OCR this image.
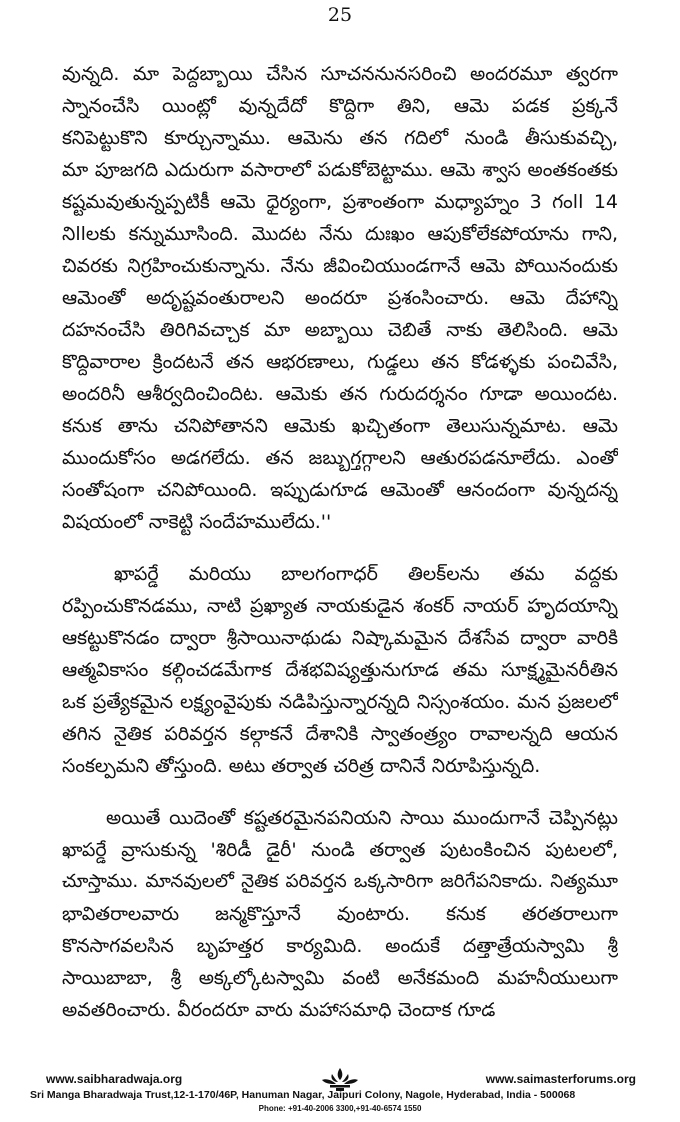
25

వున్నది. మా పెద్దబ్బాయి చేసిన సూచననునసరించి అందరమూ త్వరగా
స్నానంచేసి యింట్లో వున్నదేదో కొద్దిగా తిని, ఆమె పడక ప్రక్కనే
కనిపెట్టుకొని కూర్చున్నాము. ఆమెను తన గదిలో నుండి తీసుకువచ్చి,
మా పూజగది ఎదురుగా వసారాలో పడుకోబెట్టాము. ఆమె శ్వాస అంతకంతకు
కష్టమవుతున్నప్పటికీ ఆమె ధైర్యంగా, ప్రశాంతంగా మధ్యాహ్నం 3 గంll 14
నిllలకు కన్నుమూసింది. మొదట నేను దుఃఖం ఆపుకోలేకపోయాను గాని,
చివరకు నిగ్రహించుకున్నాను. నేను జీవించియుండగానే ఆమె పోయినందుకు
ఆమెంతో అదృష్టవంతురాలని అందరూ ప్రశంసించారు. ఆమె దేహాన్ని
దహనంచేసి తిరిగివచ్చాక మా అబ్బాయి చెబితే నాకు తెలిసింది. ఆమె
కొద్దివారాల క్రిందటనే తన ఆభరణాలు, గుడ్డలు తన కోడళ్ళకు పంచివేసి,
అందరినీ ఆశీర్వదించిందిట. ఆమెకు తన గురుదర్శనం గూడా అయిందట.
కనుక తాను చనిపోతానని ఆమెకు ఖచ్చితంగా తెలుసున్నమాట. ఆమె
ముందుకోసం అడగలేదు. తన జబ్బుగ్తగ్గాలని ఆతురపడనూలేదు. ఎంతో
సంతోషంగా చనిపోయింది. ఇప్పుడుగూడ ఆమెంతో ఆనందంగా వున్నదన్న
విషయంలో నాకెట్టి సందేహములేదు.''

ఖాపర్డే మరియు బాలగంగాధర్ తిలక్‌లను తమ వద్దకు
రప్పించుకొనడము, నాటి ప్రఖ్యాత నాయకుడైన శంకర్ నాయర్ హృదయాన్ని
ఆకట్టుకొనడం ద్వారా శ్రీసాయినాథుడు నిష్కామమైన దేశసేవ ద్వారా వారికి
ఆత్మవికాసం కల్గించడమేగాక దేశభవిష్యత్తునుగూడ తమ సూక్ష్మమైనరీతిన
ఒక ప్రత్యేకమైన లక్ష్యంవైపుకు నడిపిస్తున్నారన్నది నిస్సంశయం. మన ప్రజలలో
తగిన నైతిక పరివర్తన కల్గాకనే దేశానికి స్వాతంత్ర్యం రావాలన్నది ఆయన
సంకల్పమని తోస్తుంది. అటు తర్వాత చరిత్ర దానినే నిరూపిస్తున్నది.

అయితే యిదెంతో కష్టతరమైనపనియని సాయి ముందుగానే చెప్పినట్లు
ఖాపర్డే వ్రాసుకున్న 'శిరిడీ డైరీ' నుండి తర్వాత పుటంకించిన పుటలలో,
చూస్తాము. మానవులలో నైతిక పరివర్తన ఒక్కసారిగా జరిగేపనికాదు. నిత్యమూ
భావితరాలవారు జన్మకొస్తూనే వుంటారు. కనుక తరతరాలుగా
కొనసాగవలసిన బృహత్తర కార్యమిది. అందుకే దత్తాత్రేయస్వామి శ్రీ
సాయిబాబా, శ్రీ అక్కల్కోటస్వామి వంటి అనేకమంది మహనీయులుగా
అవతరించారు. వీరందరూ వారు మహాసమాధి చెందాక గూడ

www.saibharadwaja.org	www.saimasterforums.org
Sri Manga Bharadwaja Trust,12-1-170/46P, Hanuman Nagar, Jaipuri Colony, Nagole, Hyderabad, India - 500068
Phone: +91-40-2006 3300,+91-40-6574 1550
